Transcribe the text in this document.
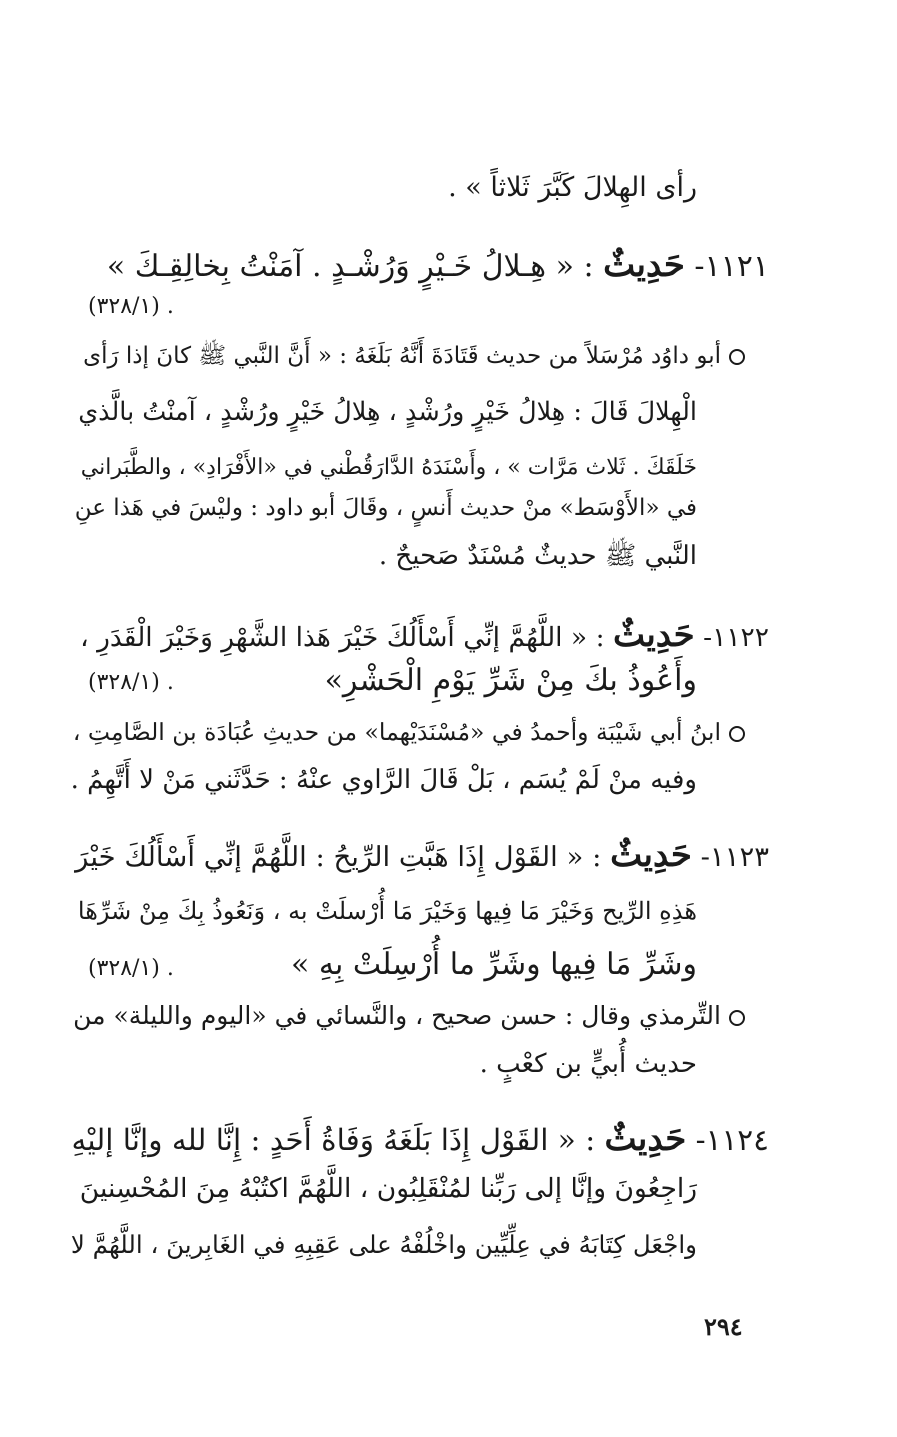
رأى الهِلالَ كَبَّرَ ثَلاثاً » .
١١٢١- حَدِيثٌ : « هِـلالُ خَـيْرٍ وَرُشْـدٍ . آمَنْتُ بِخالِقِـكَ »
. (٣٢٨/١)
أبو داوُد مُرْسَلاً من حديث قَتَادَةَ أَنَّهُ بَلَغَهُ : « أَنَّ النَّبي ﷺ كانَ إذا رَأى
الْهِلالَ قَالَ : هِلالُ خَيْرٍ ورُشْدٍ ، هِلالُ خَيْرٍ ورُشْدٍ ، آمنْتُ بالَّذي
خَلَقَكَ . ثَلاث مَرَّات » ، وأَسْنَدَهُ الدَّارَقُطْني في «الأَفْرَادِ» ، والطَّبَراني
في «الأَوْسَط» منْ حديث أَنسٍ ، وقَالَ أبو داود : وليْسَ في هَذا عنِ
النَّبي ﷺ حديثٌ مُسْنَدٌ صَحيحٌ .
١١٢٢- حَدِيثٌ : « اللَّهُمَّ إنِّي أَسْأَلُكَ خَيْرَ هَذا الشَّهْرِ وَخَيْرَ الْقَدَرِ ،
وأَعُوذُ بكَ مِنْ شَرِّ يَوْمِ الْحَشْرِ»
. (٣٢٨/١)
ابنُ أبي شَيْبَة وأحمدُ في «مُسْنَدَيْهما» من حديثِ عُبَادَة بن الصَّامِتِ ،
وفيه منْ لَمْ يُسَم ، بَلْ قَالَ الرَّاوي عنْهُ : حَدَّثَني مَنْ لا أَتَّهِمُ .
١١٢٣- حَدِيثٌ : « القَوْل إِذَا هَبَّتِ الرِّيحُ : اللَّهُمَّ إنِّي أَسْأَلُكَ خَيْرَ
هَذِهِ الرِّيح وَخَيْرَ مَا فِيها وَخَيْرَ مَا أُرْسلَتْ به ، وَنَعُوذُ بِكَ مِنْ شَرِّهَا
وشَرِّ مَا فِيها وشَرِّ ما أُرْسِلَتْ بِهِ »
. (٣٢٨/١)
التِّرمذي وقال : حسن صحيح ، والنَّسائي في «اليوم والليلة» من
حديث أُبيٍّ بن كعْبٍ .
١١٢٤- حَدِيثٌ : « القَوْل إِذَا بَلَغَهُ وَفَاةُ أَحَدٍ : إِنَّا لله وإنَّا إليْهِ
رَاجِعُونَ وإنَّا إلى رَبِّنا لمُنْقَلِبُون ، اللَّهُمَّ اكتُبْهُ مِنَ المُحْسِنينَ
واجْعَل كِتَابَهُ في عِلِّيِّين واخْلُفْهُ على عَقِبِهِ في الغَابِرينَ ، اللَّهُمَّ لا
٢٩٤
